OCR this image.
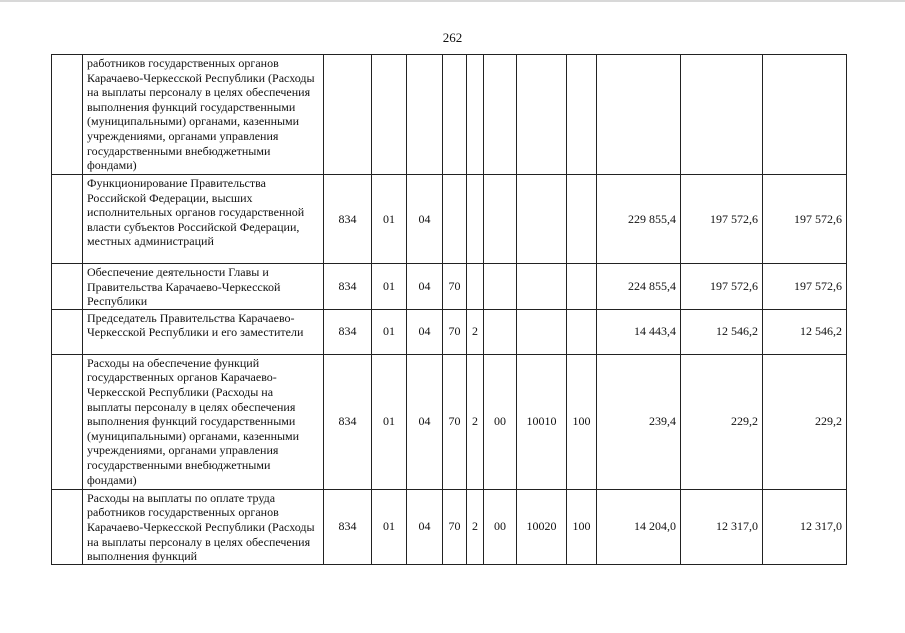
262
	работников государственных органов Карачаево-Черкесской Республики (Расходы на выплаты персоналу в целях обеспечения выполнения функций государственными (муниципальными) органами, казенными учреждениями, органами управления государственными внебюджетными фондами)											
	Функционирование Правительства Российской Федерации, высших исполнительных органов государственной власти субъектов Российской Федерации, местных администраций	834	01	04						229 855,4	197 572,6	197 572,6
	Обеспечение деятельности Главы и Правительства Карачаево-Черкесской Республики	834	01	04	70					224 855,4	197 572,6	197 572,6
	Председатель Правительства Карачаево-Черкесской Республики и его заместители	834	01	04	70	2				14 443,4	12 546,2	12 546,2
	Расходы на обеспечение функций государственных органов Карачаево-Черкесской Республики (Расходы на выплаты персоналу в целях обеспечения выполнения функций государственными (муниципальными) органами, казенными учреждениями, органами управления государственными внебюджетными фондами)	834	01	04	70	2	00	10010	100	239,4	229,2	229,2
	Расходы на выплаты по оплате труда работников государственных органов Карачаево-Черкесской Республики (Расходы на выплаты персоналу в целях обеспечения выполнения функций	834	01	04	70	2	00	10020	100	14 204,0	12 317,0	12 317,0
